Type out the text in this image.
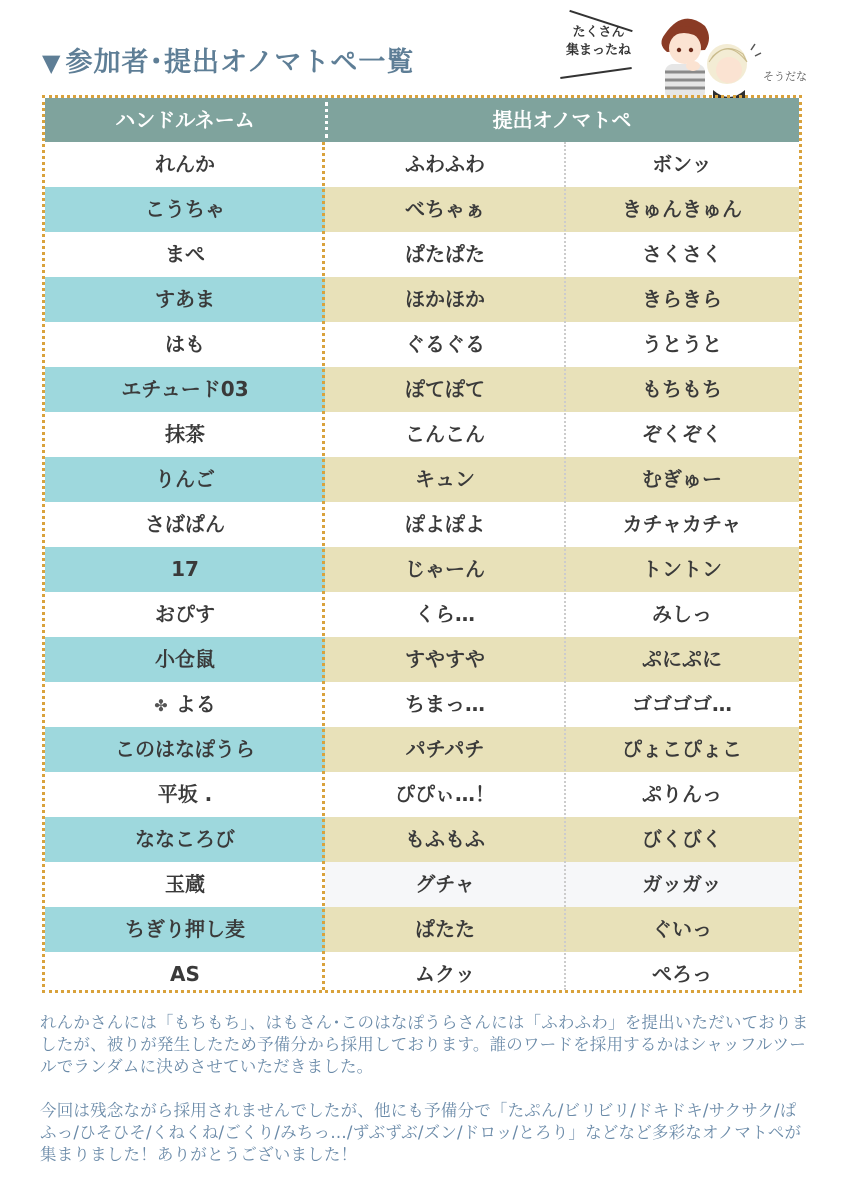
▼ 参加者･提出オノマトペ一覧
たくさん
集まったね
そうだな
ハンドルネーム	提出オノマトペ
れんか	ふわふわ	ボンッ
こうちゃ	べちゃぁ	きゅんきゅん
まぺ	ぱたぱた	さくさく
すあま	ほかほか	きらきら
はも	ぐるぐる	うとうと
エチュード03	ぽてぽて	もちもち
抹茶	こんこん	ぞくぞく
りんご	キュン	むぎゅー
さばぱん	ぽよぽよ	カチャカチャ
17	じゃーん	トントン
おぴす	くら…	みしっ
小仓鼠	すやすや	ぷにぷに
✤ よる	ちまっ…	ゴゴゴゴ…
このはなぽうら	パチパチ	ぴょこぴょこ
平坂 .	ぴぴぃ…！	ぷりんっ
ななころび	もふもふ	びくびく
玉蔵	グチャ	ガッガッ
ちぎり押し麦	ぱたた	ぐいっ
AS	ムクッ	ぺろっ

れんかさんには「もちもち」、はもさん･このはなぽうらさんには「ふわふわ」を提出いただいておりましたが、被りが発生したため予備分から採用しております。誰のワードを採用するかはシャッフルツールでランダムに決めさせていただきました。

今回は残念ながら採用されませんでしたが、他にも予備分で「たぷん/ビリビリ/ドキドキ/サクサク/ぱふっ/ひそひそ/くねくね/ごくり/みちっ…/ずぶずぶ/ズン/ドロッ/とろり」などなど多彩なオノマトペが集まりました！ありがとうございました！
